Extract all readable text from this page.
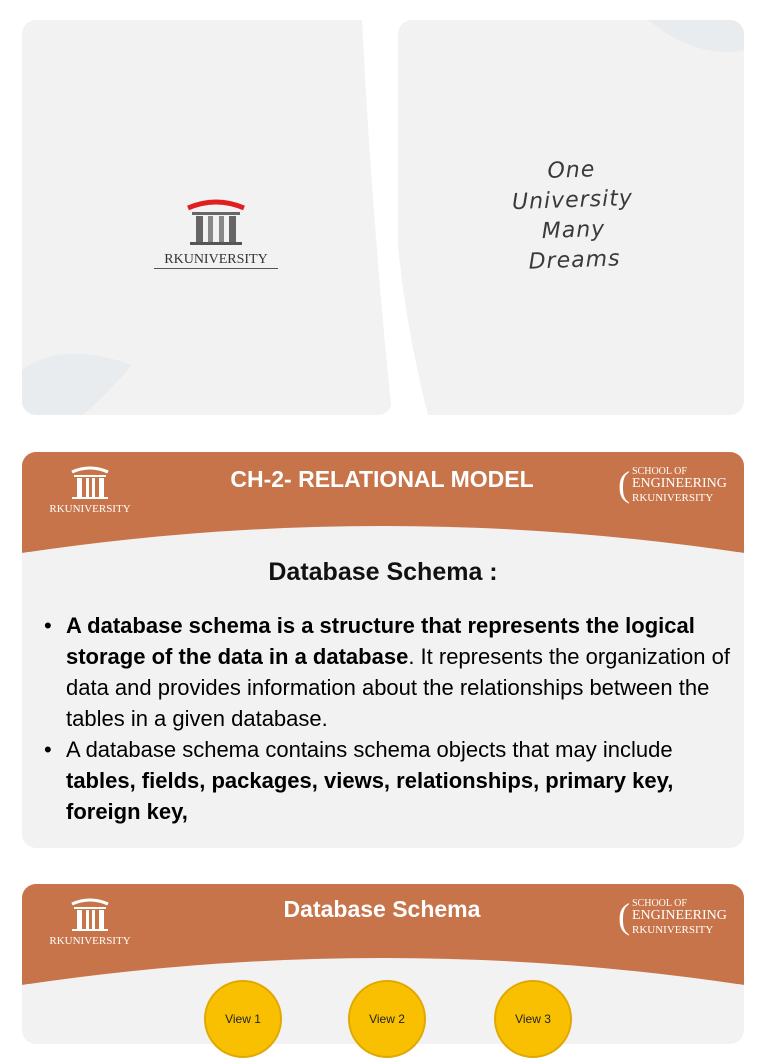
RKUNIVERSITY
One
University
Many
Dreams
RKUNIVERSITY
CH-2- RELATIONAL MODEL	( SCHOOL OF
ENGINEERING
RKUNIVERSITY
Database Schema :
• A database schema is a structure that represents the logical storage of the data in a database. It represents the organization of data and provides information about the relationships between the tables in a given database.
• A database schema contains schema objects that may include tables, fields, packages, views, relationships, primary key, foreign key,
RKUNIVERSITY
Database Schema	( SCHOOL OF
ENGINEERING
RKUNIVERSITY
View 1	View 2	View 3
